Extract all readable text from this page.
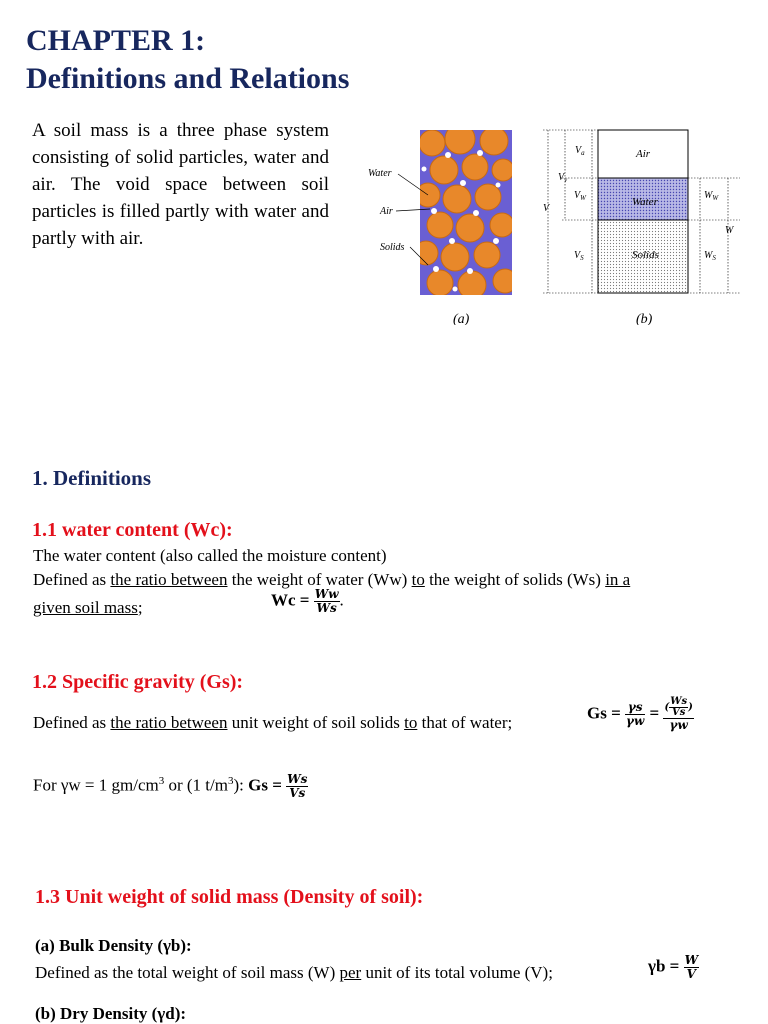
CHAPTER 1:
Definitions and Relations
A soil mass is a three phase system consisting of solid particles, water and air. The void space between soil particles is filled partly with water and partly with air.
Water
Air
Solids
(a)
Air
Water
Solids
$V_a$
$V_v$
$V_W$
V
$V_S$
$W_W$
W
$W_S$
(b)
1. Definitions
1.1 water content (Wc):
The water content (also called the moisture content)
Defined as the ratio between the weight of water (Ww) to the weight of solids (Ws) in a
given soil mass;	$Wc = \frac{Ww}{Ws}$ .
1.2 Specific gravity (Gs):
Defined as the ratio between unit weight of soil solids to that of water;
$Gs = \frac{\gamma s}{\gamma w} = \frac{( \frac{Ws}{Vs} )}{\gamma w}$
For γw = 1 $gm/cm^3$ or (1 $t/m^3$): $Gs = \frac{Ws}{Vs}$
1.3 Unit weight of solid mass (Density of soil):
(a) Bulk Density (γb):
Defined as the total weight of soil mass (W) per unit of its total volume (V);	$\gamma b = \frac{W}{V}$
(b) Dry Density (γd):
